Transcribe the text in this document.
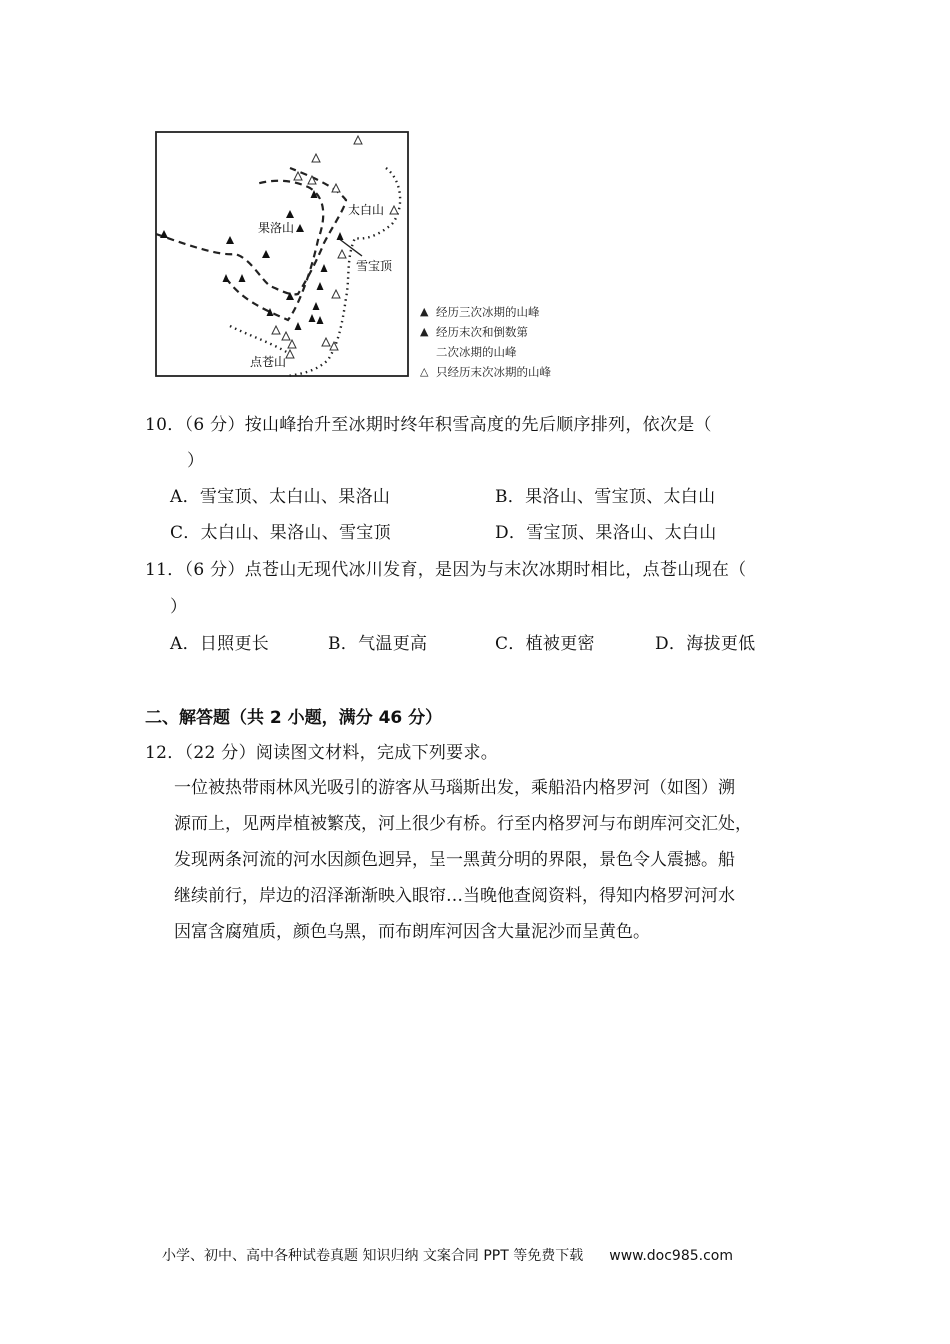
果洛山
太白山
雪宝顶
点苍山
▲ 经历三次冰期的山峰
▲ 经历末次和倒数第
二次冰期的山峰
△ 只经历末次冰期的山峰
10．（6 分）按山峰抬升至冰期时终年积雪高度的先后顺序排列，依次是（
）
A．雪宝顶、太白山、果洛山	B．果洛山、雪宝顶、太白山
C．太白山、果洛山、雪宝顶	D．雪宝顶、果洛山、太白山
11．（6 分）点苍山无现代冰川发育，是因为与末次冰期时相比，点苍山现在（
）
A．日照更长	B．气温更高	C．植被更密	D．海拔更低
二、解答题（共 2 小题，满分 46 分）
12．（22 分）阅读图文材料，完成下列要求。

一位被热带雨林风光吸引的游客从马瑙斯出发，乘船沿内格罗河（如图）溯

源而上，见两岸植被繁茂，河上很少有桥。行至内格罗河与布朗库河交汇处，

发现两条河流的河水因颜色迥异，呈一黑黄分明的界限，景色令人震撼。船

继续前行，岸边的沼泽渐渐映入眼帘…当晚他查阅资料，得知内格罗河河水

因富含腐殖质，颜色乌黑，而布朗库河因含大量泥沙而呈黄色。

小学、初中、高中各种试卷真题 知识归纳 文案合同 PPT 等免费下载 www.doc985.com
